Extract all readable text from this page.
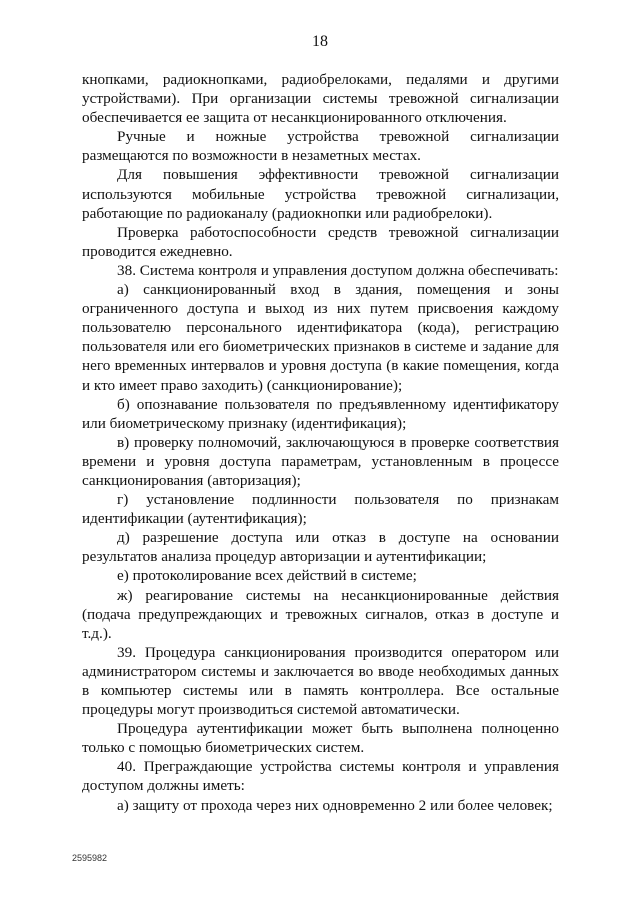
18

кнопками, радиокнопками, радиобрелоками, педалями и другими устройствами). При организации системы тревожной сигнализации обеспечивается ее защита от несанкционированного отключения.

Ручные и ножные устройства тревожной сигнализации размещаются по возможности в незаметных местах.

Для повышения эффективности тревожной сигнализации используются мобильные устройства тревожной сигнализации, работающие по радиоканалу (радиокнопки или радиобрелоки).

Проверка работоспособности средств тревожной сигнализации проводится ежедневно.

38. Система контроля и управления доступом должна обеспечивать:

а) санкционированный вход в здания, помещения и зоны ограниченного доступа и выход из них путем присвоения каждому пользователю персонального идентификатора (кода), регистрацию пользователя или его биометрических признаков в системе и задание для него временных интервалов и уровня доступа (в какие помещения, когда и кто имеет право заходить) (санкционирование);

б) опознавание пользователя по предъявленному идентификатору или биометрическому признаку (идентификация);

в) проверку полномочий, заключающуюся в проверке соответствия времени и уровня доступа параметрам, установленным в процессе санкционирования (авторизация);

г) установление подлинности пользователя по признакам идентификации (аутентификация);

д) разрешение доступа или отказ в доступе на основании результатов анализа процедур авторизации и аутентификации;

е) протоколирование всех действий в системе;

ж) реагирование системы на несанкционированные действия (подача предупреждающих и тревожных сигналов, отказ в доступе и т.д.).

39. Процедура санкционирования производится оператором или администратором системы и заключается во вводе необходимых данных в компьютер системы или в память контроллера. Все остальные процедуры могут производиться системой автоматически.

Процедура аутентификации может быть выполнена полноценно только с помощью биометрических систем.

40. Преграждающие устройства системы контроля и управления доступом должны иметь:

а) защиту от прохода через них одновременно 2 или более человек;

2595982
